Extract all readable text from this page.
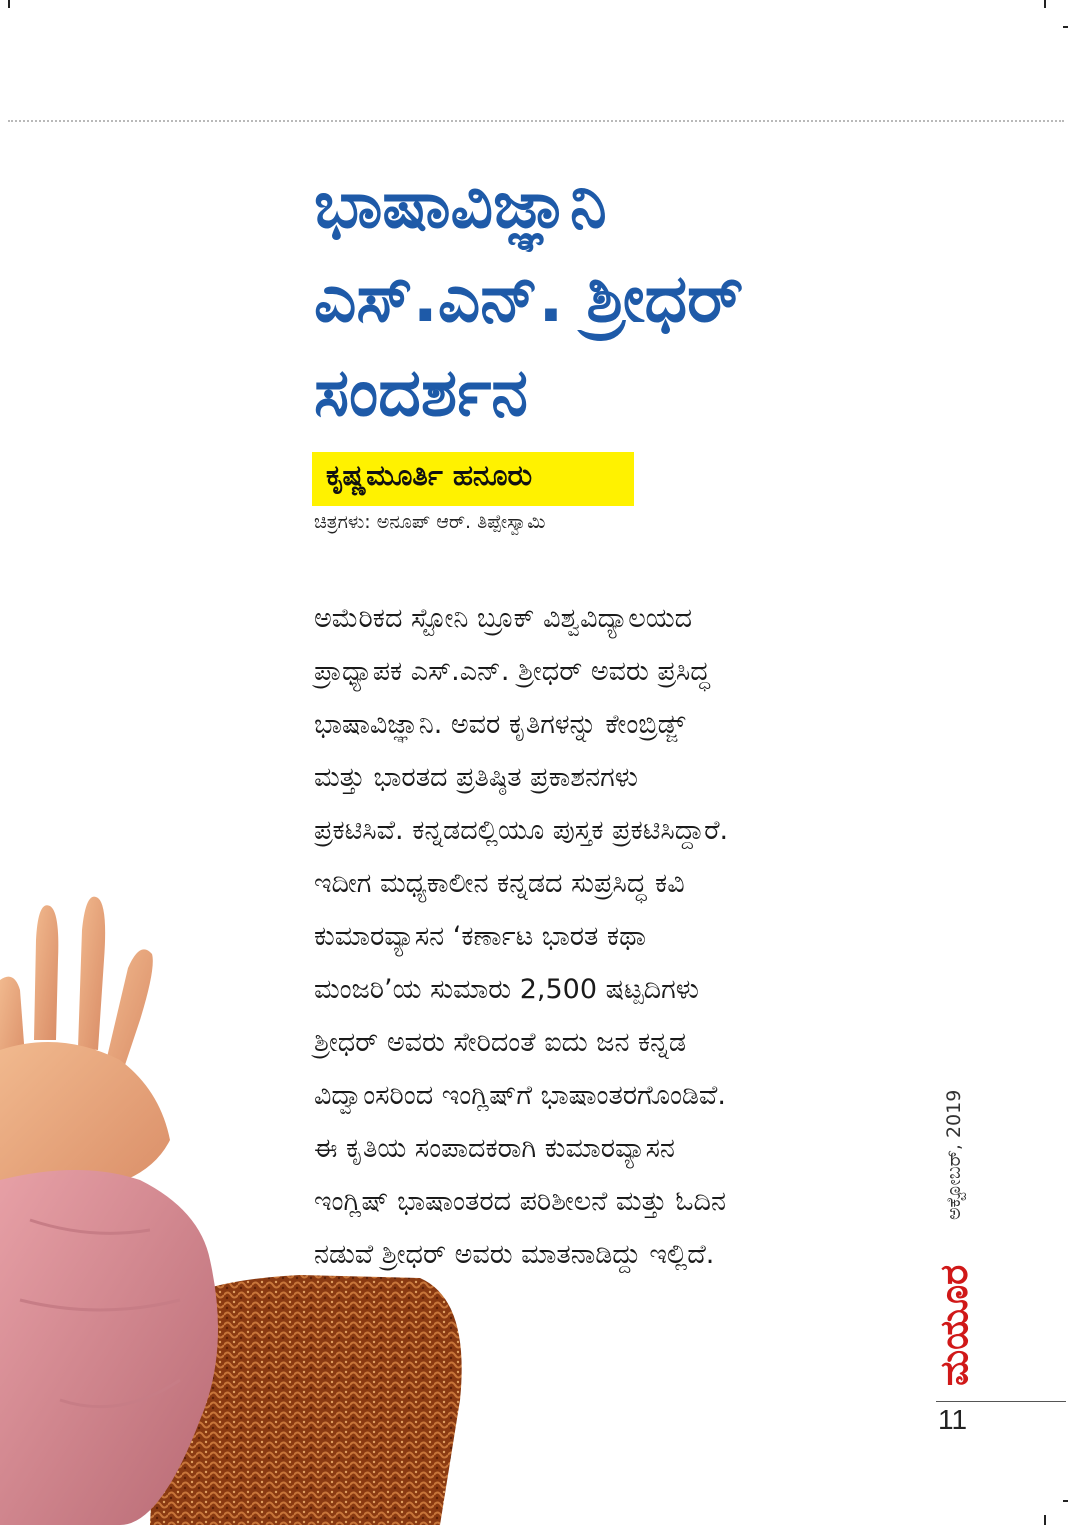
ಭಾಷಾವಿಜ್ಞಾನಿ
ಎಸ್.ಎನ್. ಶ್ರೀಧರ್
ಸಂದರ್ಶನ
ಕೃಷ್ಣಮೂರ್ತಿ ಹನೂರು
ಚಿತ್ರಗಳು: ಅನೂಪ್ ಆರ್. ತಿಪ್ಪೇಸ್ವಾಮಿ

ಅಮೆರಿಕದ ಸ್ಟೋನಿ ಬ್ರೂಕ್ ವಿಶ್ವವಿದ್ಯಾಲಯದ

ಪ್ರಾಧ್ಯಾಪಕ ಎಸ್.ಎನ್. ಶ್ರೀಧರ್ ಅವರು ಪ್ರಸಿದ್ಧ

ಭಾಷಾವಿಜ್ಞಾನಿ. ಅವರ ಕೃತಿಗಳನ್ನು ಕೇಂಬ್ರಿಡ್ಜ್

ಮತ್ತು ಭಾರತದ ಪ್ರತಿಷ್ಠಿತ ಪ್ರಕಾಶನಗಳು

ಪ್ರಕಟಿಸಿವೆ. ಕನ್ನಡದಲ್ಲಿಯೂ ಪುಸ್ತಕ ಪ್ರಕಟಿಸಿದ್ದಾರೆ.

ಇದೀಗ ಮಧ್ಯಕಾಲೀನ ಕನ್ನಡದ ಸುಪ್ರಸಿದ್ಧ ಕವಿ

ಕುಮಾರವ್ಯಾಸನ ‘ಕರ್ಣಾಟ ಭಾರತ ಕಥಾ

ಮಂಜರಿ’ಯ ಸುಮಾರು 2,500 ಷಟ್ಪದಿಗಳು

ಶ್ರೀಧರ್ ಅವರು ಸೇರಿದಂತೆ ಐದು ಜನ ಕನ್ನಡ

ವಿದ್ವಾಂಸರಿಂದ ಇಂಗ್ಲಿಷ್‌ಗೆ ಭಾಷಾಂತರಗೊಂಡಿವೆ.

ಈ ಕೃತಿಯ ಸಂಪಾದಕರಾಗಿ ಕುಮಾರವ್ಯಾಸನ

ಇಂಗ್ಲಿಷ್ ಭಾಷಾಂತರದ ಪರಿಶೀಲನೆ ಮತ್ತು ಓದಿನ

ನಡುವೆ ಶ್ರೀಧರ್ ಅವರು ಮಾತನಾಡಿದ್ದು ಇಲ್ಲಿದೆ.

ಅಕ್ಟೋಬರ್, 2019
ಮಯೂರ
11
